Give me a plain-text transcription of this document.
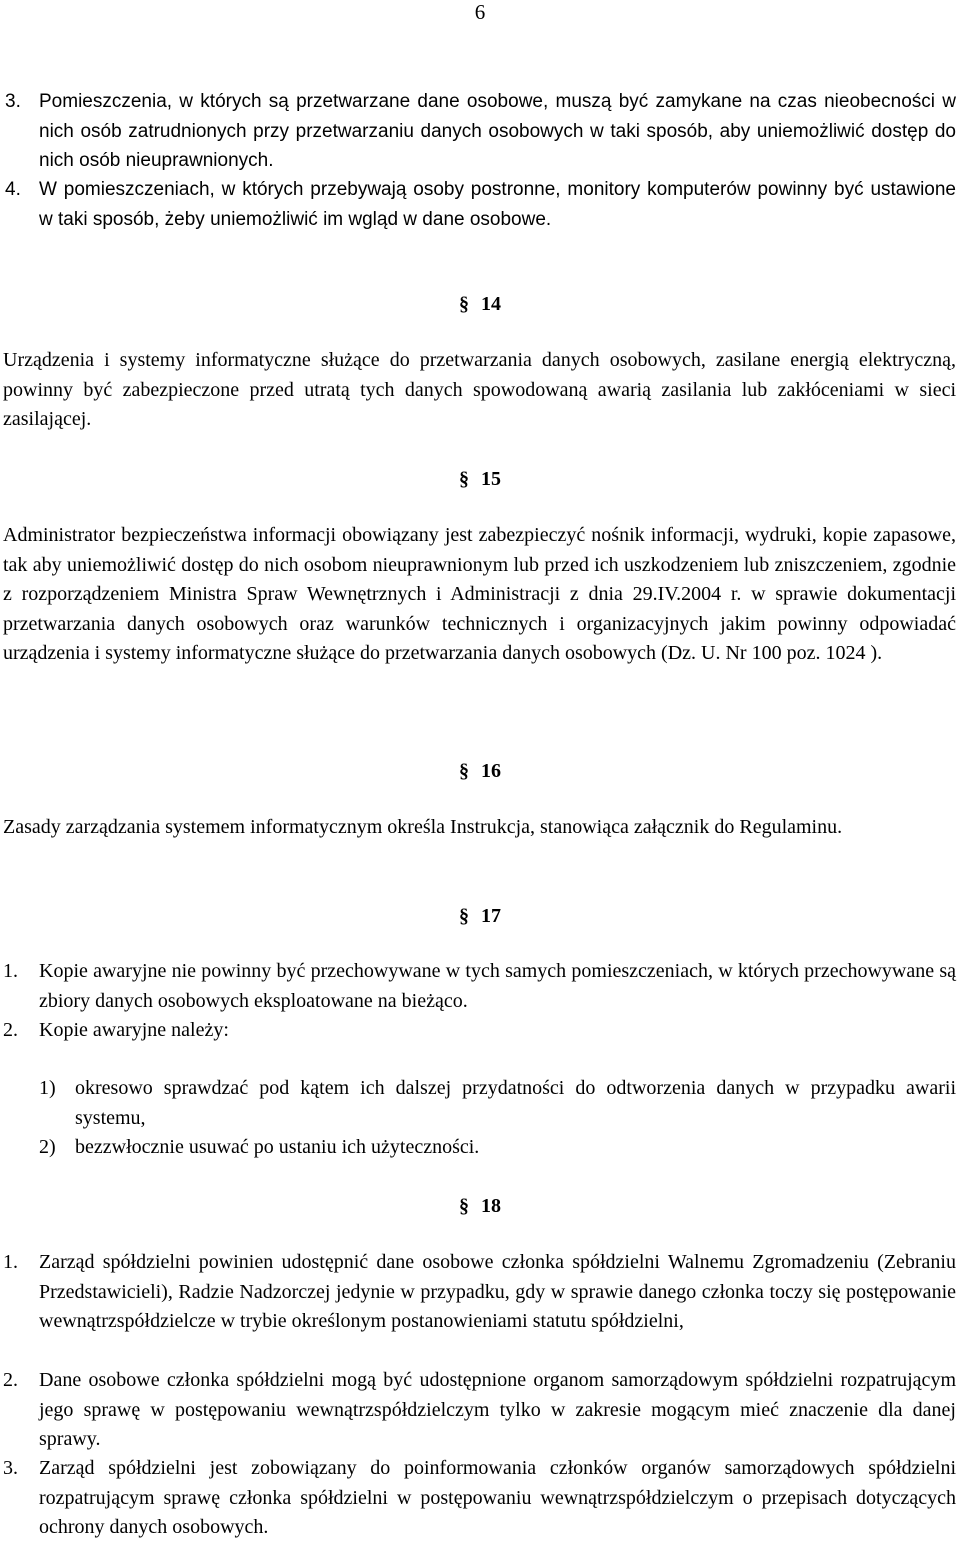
6
3. Pomieszczenia, w których są przetwarzane dane osobowe, muszą być zamykane na czas nieobecności w nich osób zatrudnionych przy przetwarzaniu danych osobowych w taki sposób, aby uniemożliwić dostęp do nich osób nieuprawnionych.

4. W pomieszczeniach, w których przebywają osoby postronne, monitory komputerów powinny być ustawione w taki sposób, żeby uniemożliwić im wgląd w dane osobowe.

§ 14

Urządzenia i systemy informatyczne służące do przetwarzania danych osobowych, zasilane energią elektryczną, powinny być zabezpieczone przed utratą tych danych spowodowaną awarią zasilania lub zakłóceniami w sieci zasilającej.

§ 15

Administrator bezpieczeństwa informacji obowiązany jest zabezpieczyć nośnik informacji, wydruki, kopie zapasowe, tak aby uniemożliwić dostęp do nich osobom nieuprawnionym lub przed ich uszkodzeniem lub zniszczeniem, zgodnie z rozporządzeniem Ministra Spraw Wewnętrznych i Administracji z dnia 29.IV.2004 r. w sprawie dokumentacji przetwarzania danych osobowych oraz warunków technicznych i organizacyjnych jakim powinny odpowiadać urządzenia i systemy informatyczne służące do przetwarzania danych osobowych (Dz. U. Nr 100 poz. 1024 ).

§ 16

Zasady zarządzania systemem informatycznym określa Instrukcja, stanowiąca załącznik do Regulaminu.

§ 17
1. Kopie awaryjne nie powinny być przechowywane w tych samych pomieszczeniach, w których przechowywane są zbiory danych osobowych eksploatowane na bieżąco.

2. Kopie awaryjne należy:

1) okresowo sprawdzać pod kątem ich dalszej przydatności do odtworzenia danych w przypadku awarii systemu,

2) bezzwłocznie usuwać po ustaniu ich użyteczności.

§ 18
1. Zarząd spółdzielni powinien udostępnić dane osobowe członka spółdzielni Walnemu Zgromadzeniu (Zebraniu Przedstawicieli), Radzie Nadzorczej jedynie w przypadku, gdy w sprawie danego członka toczy się postępowanie wewnątrzspółdzielcze w trybie określonym postanowieniami statutu spółdzielni,

2. Dane osobowe członka spółdzielni mogą być udostępnione organom samorządowym spółdzielni rozpatrującym jego sprawę w postępowaniu wewnątrzspółdzielczym tylko w zakresie mogącym mieć znaczenie dla danej sprawy.

3. Zarząd spółdzielni jest zobowiązany do poinformowania członków organów samorządowych spółdzielni rozpatrującym sprawę członka spółdzielni w postępowaniu wewnątrzspółdzielczym o przepisach dotyczących ochrony danych osobowych.
